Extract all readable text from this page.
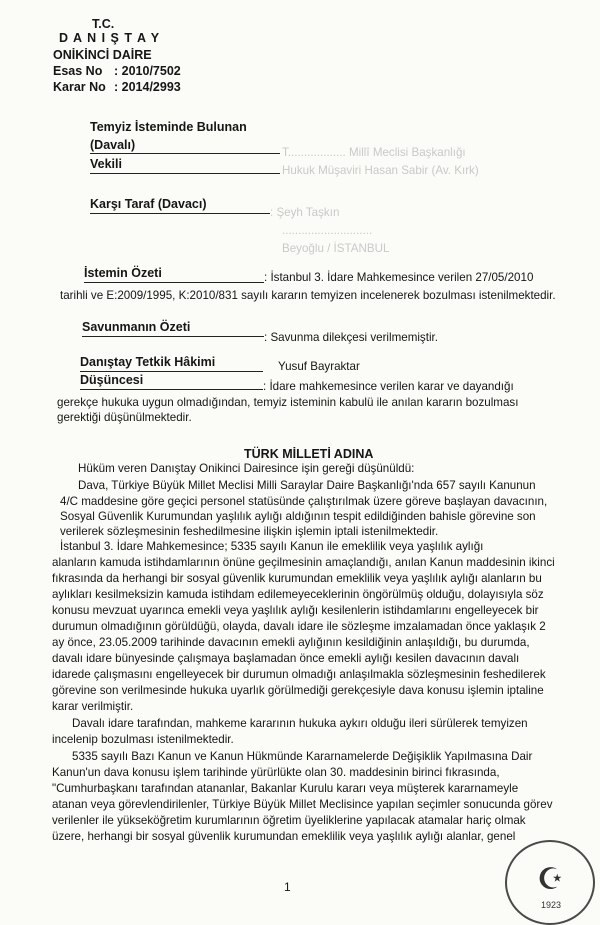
T.C.
D A N I Ş T A Y
ONİKİNCİ DAİRE
Esas No : 2010/7502
Karar No : 2014/2993
Temyiz İsteminde Bulunan
(Davalı)
T.................. Millî Meclisi Başkanlığı
Vekili	Hukuk Müşaviri Hasan Sabir (Av. Kırk)
Karşı Taraf (Davacı)
: Şeyh Taşkın
............................
Beyoğlu / İSTANBUL
İstemin Özeti	: İstanbul 3. İdare Mahkemesince verilen 27/05/2010
tarihli ve E:2009/1995, K:2010/831 sayılı kararın temyizen incelenerek bozulması istenilmektedir.
Savunmanın Özeti
: Savunma dilekçesi verilmemiştir.
Danıştay Tetkik Hâkimi	Yusuf Bayraktar
Düşüncesi	: İdare mahkemesince verilen karar ve dayandığı
gerekçe hukuka uygun olmadığından, temyiz isteminin kabulü ile anılan kararın bozulması
gerektiği düşünülmektedir.
TÜRK MİLLETİ ADINA
Hüküm veren Danıştay Onikinci Dairesince işin gereği düşünüldü:
Dava, Türkiye Büyük Millet Meclisi Milli Saraylar Daire Başkanlığı'nda 657 sayılı Kanunun
4/C maddesine göre geçici personel statüsünde çalıştırılmak üzere göreve başlayan davacının,
Sosyal Güvenlik Kurumundan yaşlılık aylığı aldığının tespit edildiğinden bahisle görevine son
verilerek sözleşmesinin feshedilmesine ilişkin işlemin iptali istenilmektedir.
İstanbul 3. İdare Mahkemesince; 5335 sayılı Kanun ile emeklilik veya yaşlılık aylığı
alanların kamuda istihdamlarının önüne geçilmesinin amaçlandığı, anılan Kanun maddesinin ikinci
fıkrasında da herhangi bir sosyal güvenlik kurumundan emeklilik veya yaşlılık aylığı alanların bu
aylıkları kesilmeksizin kamuda istihdam edilemeyeceklerinin öngörülmüş olduğu, dolayısıyla söz
konusu mevzuat uyarınca emekli veya yaşlılık aylığı kesilenlerin istihdamlarını engelleyecek bir
durumun olmadığının görüldüğü, olayda, davalı idare ile sözleşme imzalamadan önce yaklaşık 2
ay önce, 23.05.2009 tarihinde davacının emekli aylığının kesildiğinin anlaşıldığı, bu durumda,
davalı idare bünyesinde çalışmaya başlamadan önce emekli aylığı kesilen davacının davalı
idarede çalışmasını engelleyecek bir durumun olmadığı anlaşılmakla sözleşmesinin feshedilerek
görevine son verilmesinde hukuka uyarlık görülmediği gerekçesiyle dava konusu işlemin iptaline
karar verilmiştir.
Davalı idare tarafından, mahkeme kararının hukuka aykırı olduğu ileri sürülerek temyizen
incelenip bozulması istenilmektedir.
5335 sayılı Bazı Kanun ve Kanun Hükmünde Kararnamelerde Değişiklik Yapılmasına Dair
Kanun'un dava konusu işlem tarihinde yürürlükte olan 30. maddesinin birinci fıkrasında,
"Cumhurbaşkanı tarafından atananlar, Bakanlar Kurulu kararı veya müşterek kararnameyle
atanan veya görevlendirilenler, Türkiye Büyük Millet Meclisince yapılan seçimler sonucunda görev
verilenler ile yükseköğretim kurumlarının öğretim üyeliklerine yapılacak atamalar hariç olmak
üzere, herhangi bir sosyal güvenlik kurumundan emeklilik veya yaşlılık aylığı alanlar, genel
1	☪
1923
